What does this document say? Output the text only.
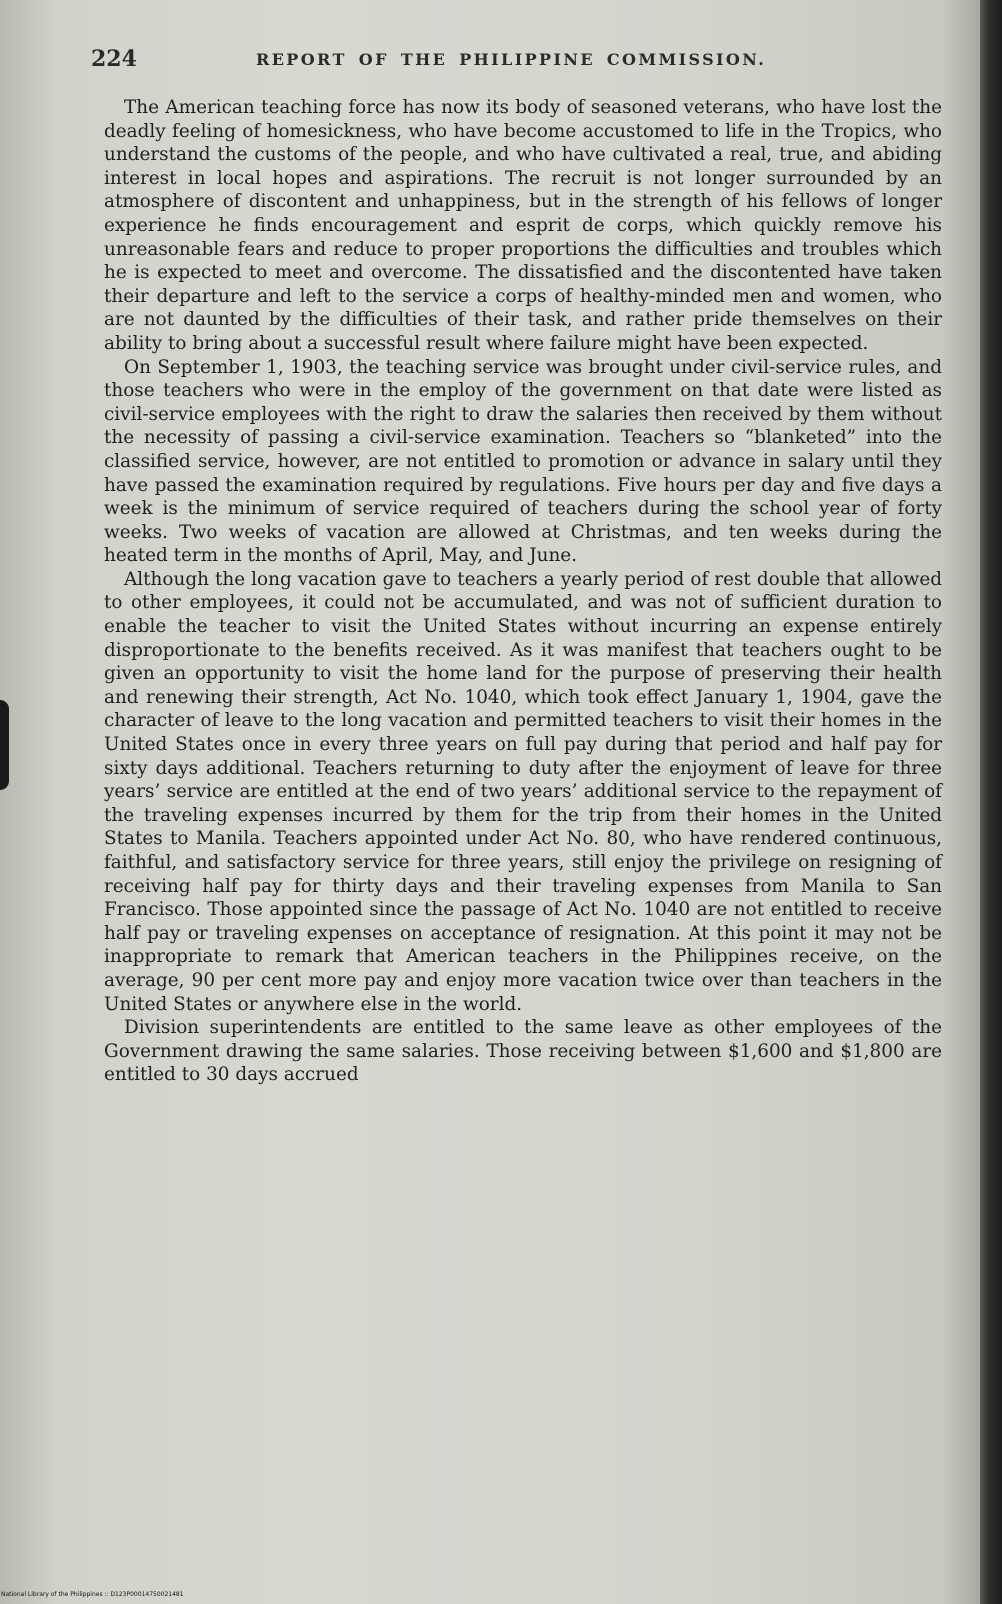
224	REPORT OF THE PHILIPPINE COMMISSION.

The American teaching force has now its body of seasoned veterans, who have lost the deadly feeling of homesickness, who have become accustomed to life in the Tropics, who understand the customs of the people, and who have cultivated a real, true, and abiding interest in local hopes and aspirations. The recruit is not longer surrounded by an atmosphere of discontent and unhappiness, but in the strength of his fellows of longer experience he finds encouragement and esprit de corps, which quickly remove his unreasonable fears and reduce to proper proportions the difficulties and troubles which he is expected to meet and overcome. The dissatisfied and the discontented have taken their departure and left to the service a corps of healthy-minded men and women, who are not daunted by the difficulties of their task, and rather pride themselves on their ability to bring about a successful result where failure might have been expected.

On September 1, 1903, the teaching service was brought under civil-service rules, and those teachers who were in the employ of the government on that date were listed as civil-service employees with the right to draw the salaries then received by them without the necessity of passing a civil-service examination. Teachers so “blanketed” into the classified service, however, are not entitled to promotion or advance in salary until they have passed the examination required by regulations. Five hours per day and five days a week is the minimum of service required of teachers during the school year of forty weeks. Two weeks of vacation are allowed at Christmas, and ten weeks during the heated term in the months of April, May, and June.

Although the long vacation gave to teachers a yearly period of rest double that allowed to other employees, it could not be accumulated, and was not of sufficient duration to enable the teacher to visit the United States without incurring an expense entirely disproportionate to the benefits received. As it was manifest that teachers ought to be given an opportunity to visit the home land for the purpose of preserving their health and renewing their strength, Act No. 1040, which took effect January 1, 1904, gave the character of leave to the long vacation and permitted teachers to visit their homes in the United States once in every three years on full pay during that period and half pay for sixty days additional. Teachers returning to duty after the enjoyment of leave for three years’ service are entitled at the end of two years’ additional service to the repayment of the traveling expenses incurred by them for the trip from their homes in the United States to Manila. Teachers appointed under Act No. 80, who have rendered continuous, faithful, and satisfactory service for three years, still enjoy the privilege on resigning of receiving half pay for thirty days and their traveling expenses from Manila to San Francisco. Those appointed since the passage of Act No. 1040 are not entitled to receive half pay or traveling expenses on acceptance of resignation. At this point it may not be inappropriate to remark that American teachers in the Philippines receive, on the average, 90 per cent more pay and enjoy more vacation twice over than teachers in the United States or anywhere else in the world.

Division superintendents are entitled to the same leave as other employees of the Government drawing the same salaries. Those receiving between $1,600 and $1,800 are entitled to 30 days accrued

National Library of the Philippines :: D123P00014750021481
